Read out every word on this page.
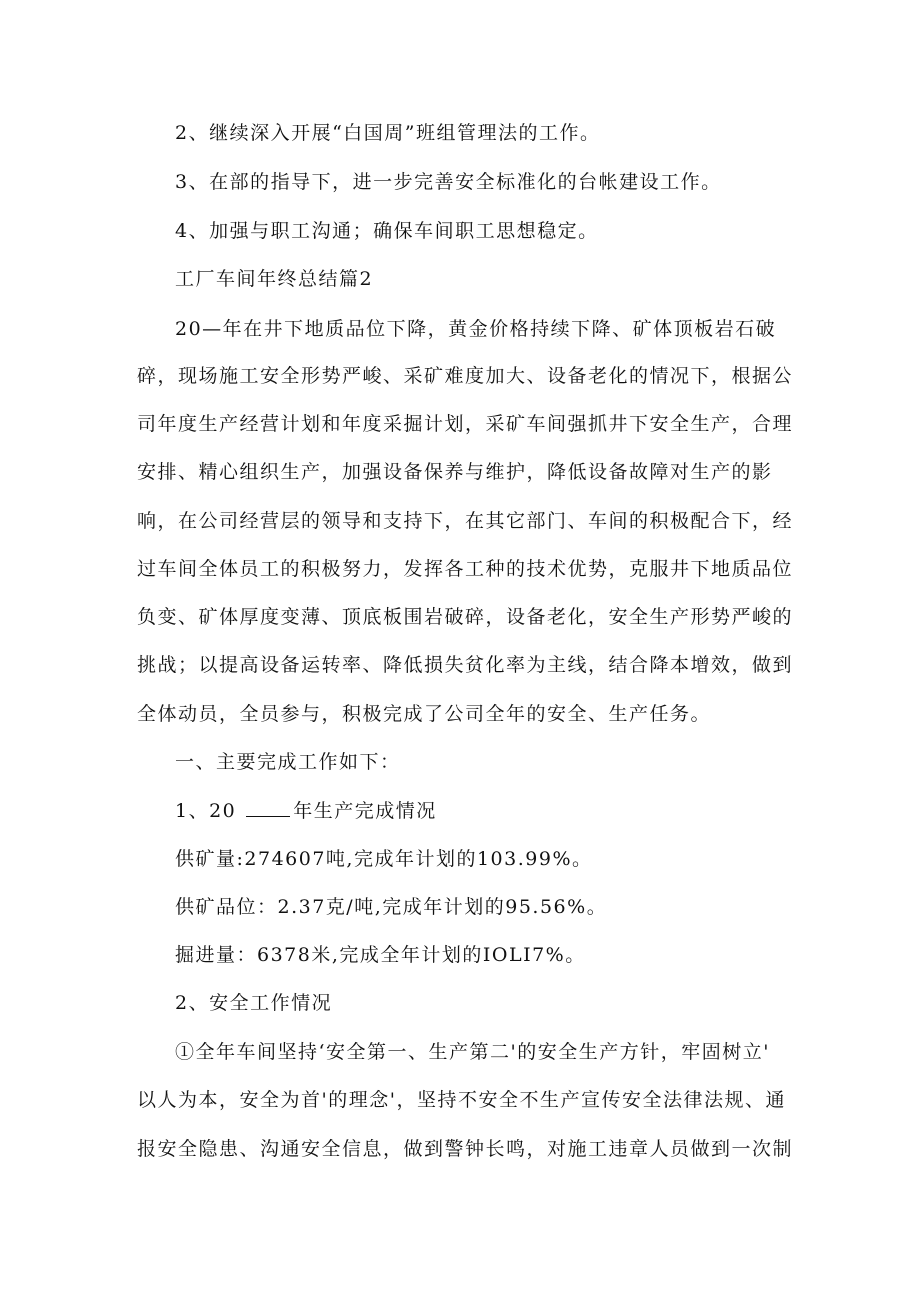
2、继续深入开展“白国周”班组管理法的工作。
3、在部的指导下，进一步完善安全标准化的台帐建设工作。
4、加强与职工沟通；确保车间职工思想稳定。
工厂车间年终总结篇2
20—年在井下地质品位下降，黄金价格持续下降、矿体顶板岩石破
碎，现场施工安全形势严峻、采矿难度加大、设备老化的情况下，根据公
司年度生产经营计划和年度采掘计划，采矿车间强抓井下安全生产，合理
安排、精心组织生产，加强设备保养与维护，降低设备故障对生产的影
响，在公司经营层的领导和支持下，在其它部门、车间的积极配合下，经
过车间全体员工的积极努力，发挥各工种的技术优势，克服井下地质品位
负变、矿体厚度变薄、顶底板围岩破碎，设备老化，安全生产形势严峻的
挑战；以提高设备运转率、降低损失贫化率为主线，结合降本增效，做到
全体动员，全员参与，积极完成了公司全年的安全、生产任务。
一、主要完成工作如下：
1、20	年生产完成情况
供矿量:274607吨,完成年计划的103.99%。
供矿品位：2.37克/吨,完成年计划的95.56%。
掘进量：6378米,完成全年计划的IOLI7%。
2、安全工作情况
①全年车间坚持‘安全第一、生产第二'的安全生产方针，牢固树立'
以人为本，安全为首'的理念'，坚持不安全不生产宣传安全法律法规、通
报安全隐患、沟通安全信息，做到警钟长鸣，对施工违章人员做到一次制
